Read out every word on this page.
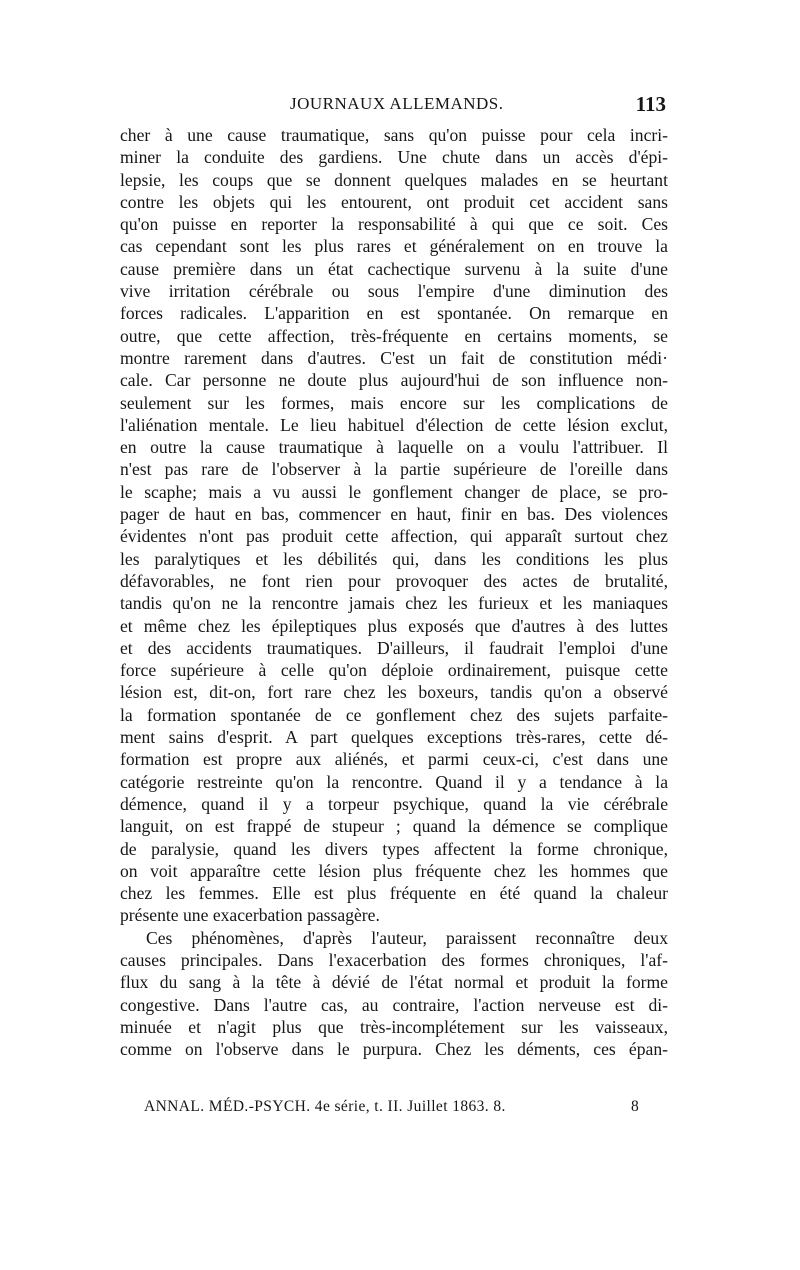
JOURNAUX ALLEMANDS.	113
cher à une cause traumatique, sans qu'on puisse pour cela incri-
miner la conduite des gardiens. Une chute dans un accès d'épi-
lepsie, les coups que se donnent quelques malades en se heurtant
contre les objets qui les entourent, ont produit cet accident sans
qu'on puisse en reporter la responsabilité à qui que ce soit. Ces
cas cependant sont les plus rares et généralement on en trouve la
cause première dans un état cachectique survenu à la suite d'une
vive irritation cérébrale ou sous l'empire d'une diminution des
forces radicales. L'apparition en est spontanée. On remarque en
outre, que cette affection, très-fréquente en certains moments, se
montre rarement dans d'autres. C'est un fait de constitution médi·
cale. Car personne ne doute plus aujourd'hui de son influence non-
seulement sur les formes, mais encore sur les complications de
l'aliénation mentale. Le lieu habituel d'élection de cette lésion exclut,
en outre la cause traumatique à laquelle on a voulu l'attribuer. Il
n'est pas rare de l'observer à la partie supérieure de l'oreille dans
le scaphe; mais a vu aussi le gonflement changer de place, se pro-
pager de haut en bas, commencer en haut, finir en bas. Des violences
évidentes n'ont pas produit cette affection, qui apparaît surtout chez
les paralytiques et les débilités qui, dans les conditions les plus
défavorables, ne font rien pour provoquer des actes de brutalité,
tandis qu'on ne la rencontre jamais chez les furieux et les maniaques
et même chez les épileptiques plus exposés que d'autres à des luttes
et des accidents traumatiques. D'ailleurs, il faudrait l'emploi d'une
force supérieure à celle qu'on déploie ordinairement, puisque cette
lésion est, dit-on, fort rare chez les boxeurs, tandis qu'on a observé
la formation spontanée de ce gonflement chez des sujets parfaite-
ment sains d'esprit. A part quelques exceptions très-rares, cette dé-
formation est propre aux aliénés, et parmi ceux-ci, c'est dans une
catégorie restreinte qu'on la rencontre. Quand il y a tendance à la
démence, quand il y a torpeur psychique, quand la vie cérébrale
languit, on est frappé de stupeur ; quand la démence se complique
de paralysie, quand les divers types affectent la forme chronique,
on voit apparaître cette lésion plus fréquente chez les hommes que
chez les femmes. Elle est plus fréquente en été quand la chaleur
présente une exacerbation passagère.
Ces phénomènes, d'après l'auteur, paraissent reconnaître deux
causes principales. Dans l'exacerbation des formes chroniques, l'af-
flux du sang à la tête à dévié de l'état normal et produit la forme
congestive. Dans l'autre cas, au contraire, l'action nerveuse est di-
minuée et n'agit plus que très-incomplétement sur les vaisseaux,
comme on l'observe dans le purpura. Chez les déments, ces épan-
ANNAL. MÉD.-PSYCH. 4e série, t. II. Juillet 1863. 8.	8
